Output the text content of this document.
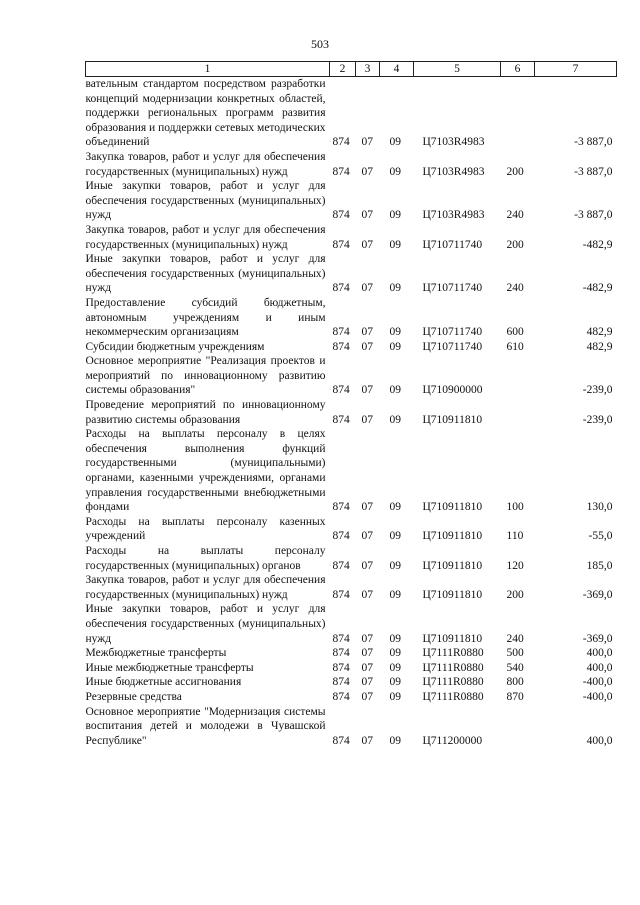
503
1	2	3	4	5	6	7
вательным стандартом посредством разработки концепций модернизации конкретных областей, поддержки региональных программ развития образования и поддержки сетевых методических объединений	874	07	09	Ц7103R4983		-3 887,0
Закупка товаров, работ и услуг для обеспечения государственных (муниципальных) нужд	874	07	09	Ц7103R4983	200	-3 887,0
Иные закупки товаров, работ и услуг для обеспечения государственных (муниципальных) нужд	874	07	09	Ц7103R4983	240	-3 887,0
Закупка товаров, работ и услуг для обеспечения государственных (муниципальных) нужд	874	07	09	Ц710711740	200	-482,9
Иные закупки товаров, работ и услуг для обеспечения государственных (муниципальных) нужд	874	07	09	Ц710711740	240	-482,9
Предоставление субсидий бюджетным, автономным учреждениям и иным некоммерческим организациям	874	07	09	Ц710711740	600	482,9
Субсидии бюджетным учреждениям	874	07	09	Ц710711740	610	482,9
Основное мероприятие "Реализация проектов и мероприятий по инновационному развитию системы образования"	874	07	09	Ц710900000		-239,0
Проведение мероприятий по инновационному развитию системы образования	874	07	09	Ц710911810		-239,0
Расходы на выплаты персоналу в целях обеспечения выполнения функций государственными (муниципальными) органами, казенными учреждениями, органами управления государственными внебюджетными фондами	874	07	09	Ц710911810	100	130,0
Расходы на выплаты персоналу казенных учреждений	874	07	09	Ц710911810	110	-55,0
Расходы на выплаты персоналу государственных (муниципальных) органов	874	07	09	Ц710911810	120	185,0
Закупка товаров, работ и услуг для обеспечения государственных (муниципальных) нужд	874	07	09	Ц710911810	200	-369,0
Иные закупки товаров, работ и услуг для обеспечения государственных (муниципальных) нужд	874	07	09	Ц710911810	240	-369,0
Межбюджетные трансферты	874	07	09	Ц7111R0880	500	400,0
Иные межбюджетные трансферты	874	07	09	Ц7111R0880	540	400,0
Иные бюджетные ассигнования	874	07	09	Ц7111R0880	800	-400,0
Резервные средства	874	07	09	Ц7111R0880	870	-400,0
Основное мероприятие "Модернизация системы воспитания детей и молодежи в Чувашской Республике"	874	07	09	Ц711200000		400,0
